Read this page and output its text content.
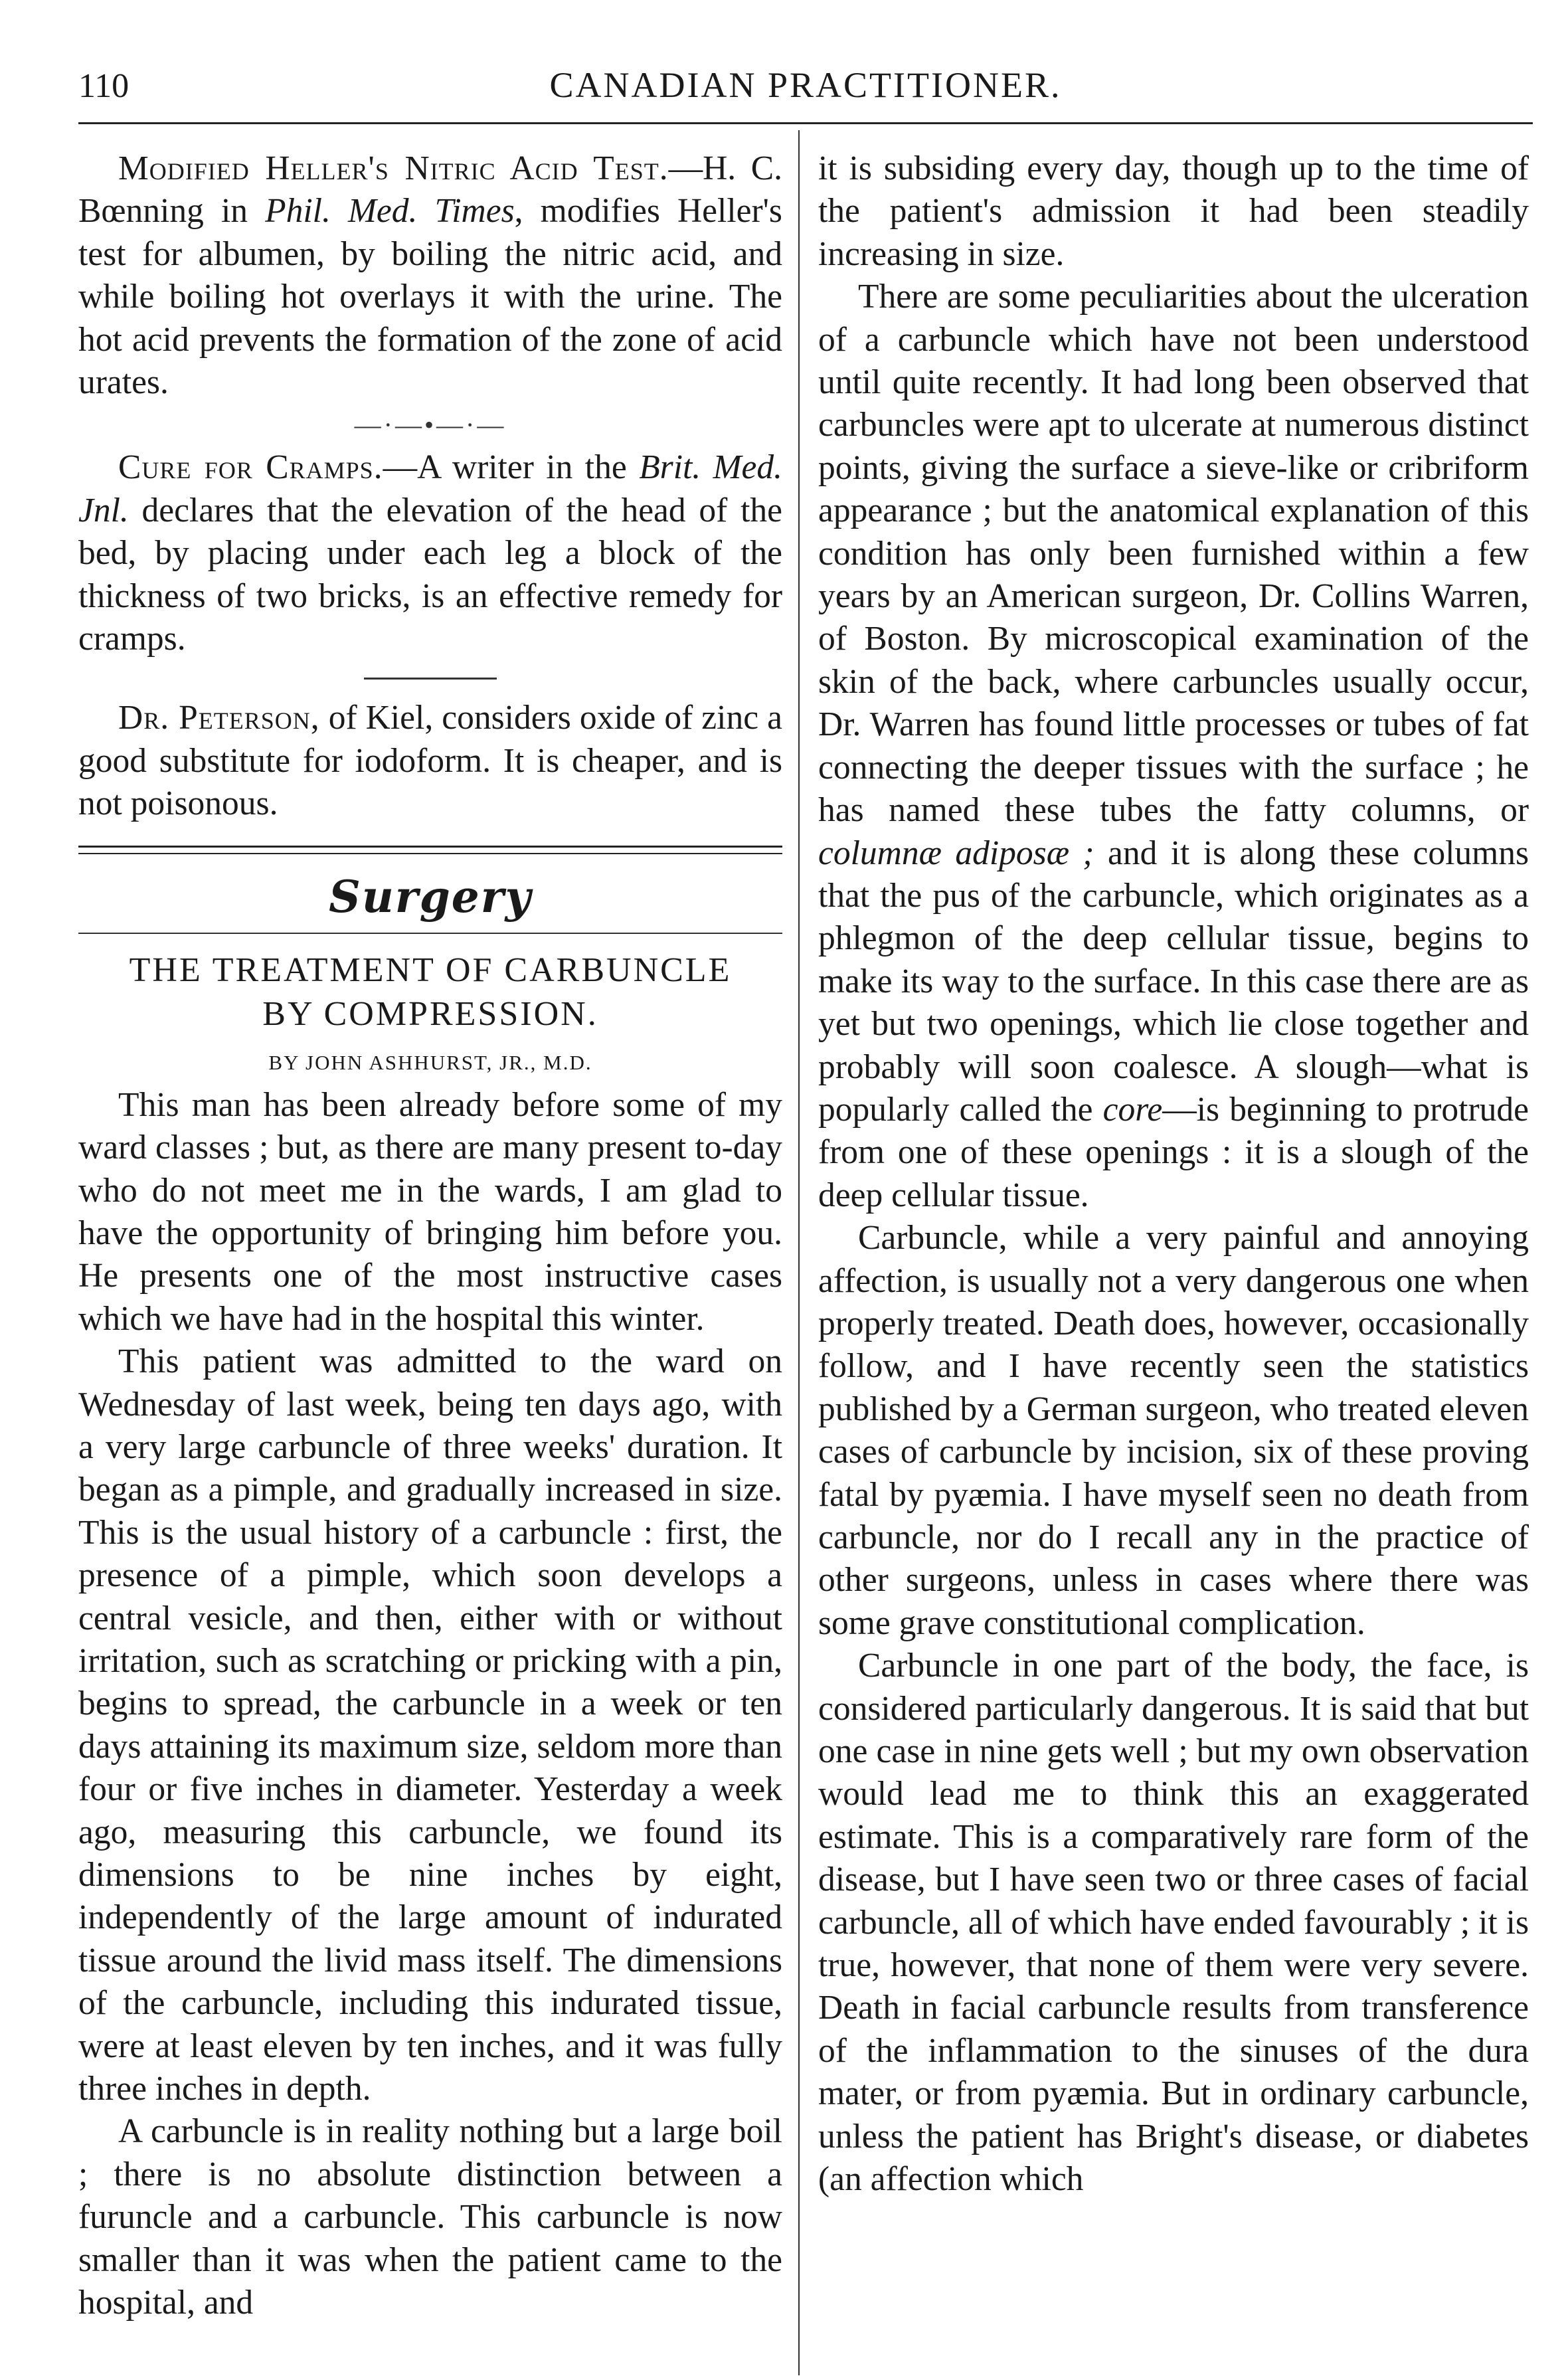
110	CANADIAN PRACTITIONER.

Modified Heller's Nitric Acid Test.—H. C. Bœnning in Phil. Med. Times, modifies Heller's test for albumen, by boiling the nitric acid, and while boiling hot overlays it with the urine. The hot acid prevents the formation of the zone of acid urates.

—·—•—·—

Cure for Cramps.—A writer in the Brit. Med. Jnl. declares that the elevation of the head of the bed, by placing under each leg a block of the thickness of two bricks, is an effective remedy for cramps.

Dr. Peterson, of Kiel, considers oxide of zinc a good substitute for iodoform. It is cheaper, and is not poisonous.

Surgery
THE TREATMENT OF CARBUNCLE
BY COMPRESSION.
BY JOHN ASHHURST, JR., M.D.

This man has been already before some of my ward classes ; but, as there are many present to-day who do not meet me in the wards, I am glad to have the opportunity of bringing him before you. He presents one of the most instructive cases which we have had in the hospital this winter.

This patient was admitted to the ward on Wednesday of last week, being ten days ago, with a very large carbuncle of three weeks' duration. It began as a pimple, and gradually increased in size. This is the usual history of a carbuncle : first, the presence of a pimple, which soon develops a central vesicle, and then, either with or without irritation, such as scratching or pricking with a pin, begins to spread, the carbuncle in a week or ten days attaining its maximum size, seldom more than four or five inches in diameter. Yesterday a week ago, measuring this carbuncle, we found its dimensions to be nine inches by eight, independently of the large amount of indurated tissue around the livid mass itself. The dimensions of the carbuncle, including this indurated tissue, were at least eleven by ten inches, and it was fully three inches in depth.

A carbuncle is in reality nothing but a large boil ; there is no absolute distinction between a furuncle and a carbuncle. This carbuncle is now smaller than it was when the patient came to the hospital, and

it is subsiding every day, though up to the time of the patient's admission it had been steadily increasing in size.

There are some peculiarities about the ulceration of a carbuncle which have not been understood until quite recently. It had long been observed that carbuncles were apt to ulcerate at numerous distinct points, giving the surface a sieve-like or cribriform appearance ; but the anatomical explanation of this condition has only been furnished within a few years by an American surgeon, Dr. Collins Warren, of Boston. By microscopical examination of the skin of the back, where carbuncles usually occur, Dr. Warren has found little processes or tubes of fat connecting the deeper tissues with the surface ; he has named these tubes the fatty columns, or columnæ adiposæ ; and it is along these columns that the pus of the carbuncle, which originates as a phlegmon of the deep cellular tissue, begins to make its way to the surface. In this case there are as yet but two openings, which lie close together and probably will soon coalesce. A slough—what is popularly called the core—is beginning to protrude from one of these openings : it is a slough of the deep cellular tissue.

Carbuncle, while a very painful and annoying affection, is usually not a very dangerous one when properly treated. Death does, however, occasionally follow, and I have recently seen the statistics published by a German surgeon, who treated eleven cases of carbuncle by incision, six of these proving fatal by pyæmia. I have myself seen no death from carbuncle, nor do I recall any in the practice of other surgeons, unless in cases where there was some grave constitutional complication.

Carbuncle in one part of the body, the face, is considered particularly dangerous. It is said that but one case in nine gets well ; but my own observation would lead me to think this an exaggerated estimate. This is a comparatively rare form of the disease, but I have seen two or three cases of facial carbuncle, all of which have ended favourably ; it is true, however, that none of them were very severe. Death in facial carbuncle results from transference of the inflammation to the sinuses of the dura mater, or from pyæmia. But in ordinary carbuncle, unless the patient has Bright's disease, or diabetes (an affection which
